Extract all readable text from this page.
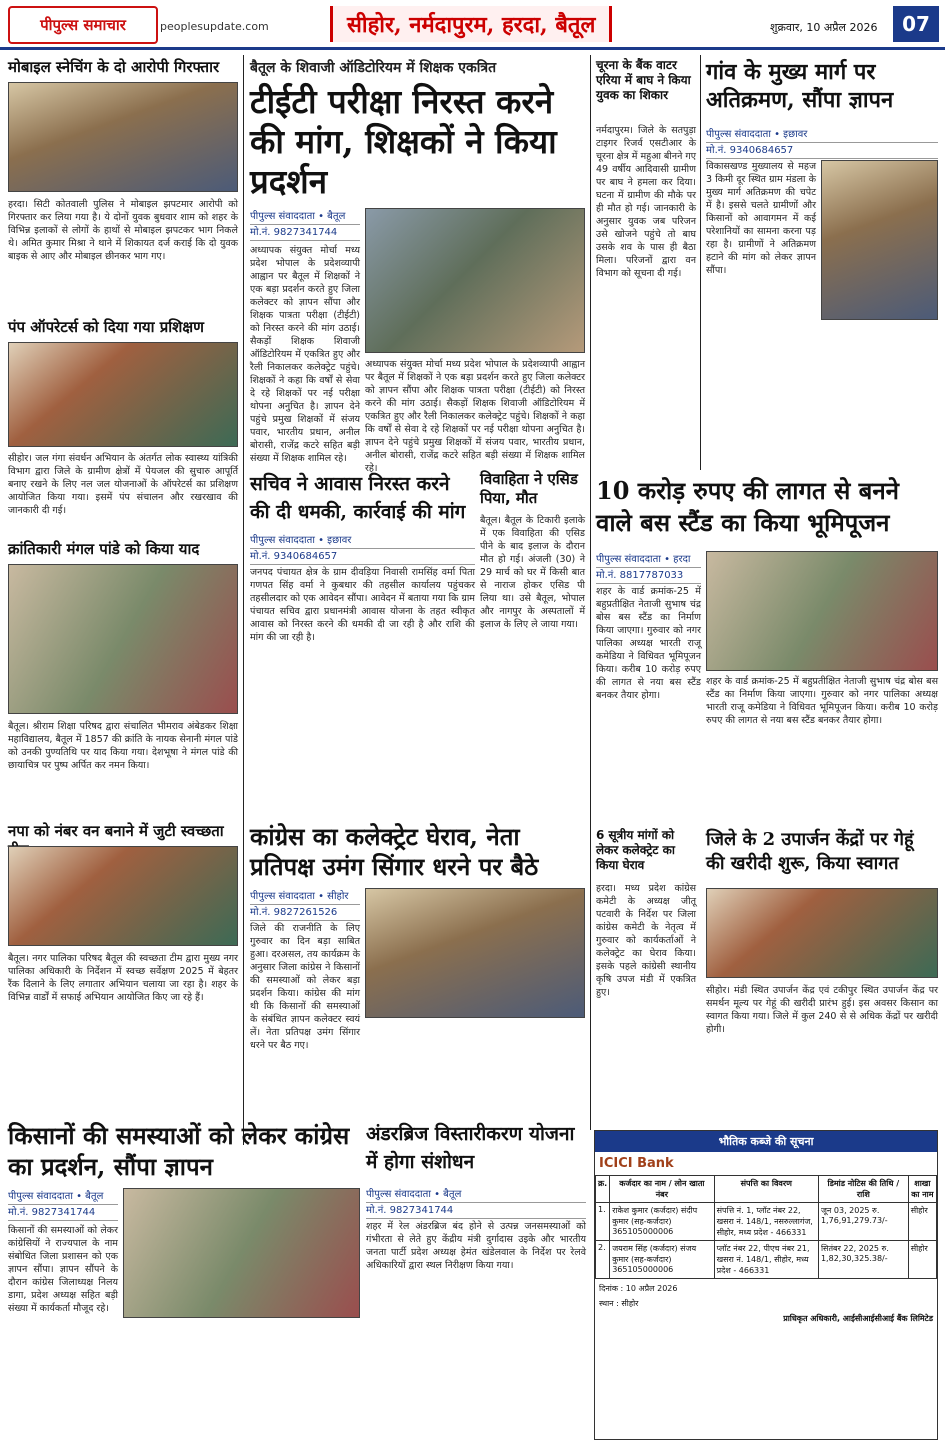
पीपुल्स समाचार	peoplesupdate.com	सीहोर, नर्मदापुरम, हरदा, बैतूल	शुक्रवार, 10 अप्रैल 2026	07
मोबाइल स्नेचिंग के दो आरोपी गिरफ्तार
हरदा। सिटी कोतवाली पुलिस ने मोबाइल झपटमार आरोपी को गिरफ्तार कर लिया गया है। ये दोनों युवक बुधवार शाम को शहर के विभिन्न इलाकों से लोगों के हाथों से मोबाइल झपटकर भाग निकले थे। अमित कुमार मिश्रा ने थाने में शिकायत दर्ज कराई कि दो युवक बाइक से आए और मोबाइल छीनकर भाग गए।
पंप ऑपरेटर्स को दिया गया प्रशिक्षण
सीहोर। जल गंगा संवर्धन अभियान के अंतर्गत लोक स्वास्थ्य यांत्रिकी विभाग द्वारा जिले के ग्रामीण क्षेत्रों में पेयजल की सुचारु आपूर्ति बनाए रखने के लिए नल जल योजनाओं के ऑपरेटर्स का प्रशिक्षण आयोजित किया गया। इसमें पंप संचालन और रखरखाव की जानकारी दी गई।
क्रांतिकारी मंगल पांडे को किया याद
बैतूल। श्रीराम शिक्षा परिषद द्वारा संचालित भीमराव अंबेडकर शिक्षा महाविद्यालय, बैतूल में 1857 की क्रांति के नायक सेनानी मंगल पांडे को उनकी पुण्यतिथि पर याद किया गया। देशभूषा ने मंगल पांडे की छायाचित्र पर पुष्प अर्पित कर नमन किया।
नपा को नंबर वन बनाने में जुटी स्वच्छता
बैतूल। नगर पालिका परिषद बैतूल की स्वच्छता टीम द्वारा मुख्य नगर पालिका अधिकारी के निर्देशन में स्वच्छ सर्वेक्षण 2025 में बेहतर रैंक दिलाने के लिए लगातार अभियान चलाया जा रहा है। शहर के विभिन्न वार्डों में सफाई अभियान आयोजित किए जा रहे हैं।
बैतूल के शिवाजी ऑडिटोरियम में शिक्षक एकत्रित
टीईटी परीक्षा निरस्त करने की मांग, शिक्षकों ने किया प्रदर्शन
पीपुल्स संवाददाता • बैतूल
मो.नं. 9827341744
अध्यापक संयुक्त मोर्चा मध्य प्रदेश भोपाल के प्रदेशव्यापी आह्वान पर बैतूल में शिक्षकों ने एक बड़ा प्रदर्शन करते हुए जिला कलेक्टर को ज्ञापन सौंपा और शिक्षक पात्रता परीक्षा (टीईटी) को निरस्त करने की मांग उठाई। सैकड़ों शिक्षक शिवाजी ऑडिटोरियम में एकत्रित हुए और रैली निकालकर कलेक्ट्रेट पहुंचे। शिक्षकों ने कहा कि वर्षों से सेवा दे रहे शिक्षकों पर नई परीक्षा थोपना अनुचित है। ज्ञापन देने पहुंचे प्रमुख शिक्षकों में संजय पवार, भारतीय प्रधान, अनील बोरासी, राजेंद्र कटरे सहित बड़ी संख्या में शिक्षक शामिल रहे।
अध्यापक संयुक्त मोर्चा मध्य प्रदेश भोपाल के प्रदेशव्यापी आह्वान पर बैतूल में शिक्षकों ने एक बड़ा प्रदर्शन करते हुए जिला कलेक्टर को ज्ञापन सौंपा और शिक्षक पात्रता परीक्षा (टीईटी) को निरस्त करने की मांग उठाई। सैकड़ों शिक्षक शिवाजी ऑडिटोरियम में एकत्रित हुए और रैली निकालकर कलेक्ट्रेट पहुंचे। शिक्षकों ने कहा कि वर्षों से सेवा दे रहे शिक्षकों पर नई परीक्षा थोपना अनुचित है। ज्ञापन देने पहुंचे प्रमुख शिक्षकों में संजय पवार, भारतीय प्रधान, अनील बोरासी, राजेंद्र कटरे सहित बड़ी संख्या में शिक्षक शामिल रहे।
चूरना के बैंक वाटर एरिया में बाघ ने किया युवक का शिकार
नर्मदापुरम। जिले के सतपुड़ा टाइगर रिजर्व एसटीआर के चूरना क्षेत्र में महुआ बीनने गए 49 वर्षीय आदिवासी ग्रामीण पर बाघ ने हमला कर दिया। घटना में ग्रामीण की मौके पर ही मौत हो गई। जानकारी के अनुसार युवक जब परिजन उसे खोजने पहुंचे तो बाघ उसके शव के पास ही बैठा मिला। परिजनों द्वारा वन विभाग को सूचना दी गई।
गांव के मुख्य मार्ग पर अतिक्रमण, सौंपा ज्ञापन
पीपुल्स संवाददाता • इछावर
मो.नं. 9340684657
विकासखण्ड मुख्यालय से महज 3 किमी दूर स्थित ग्राम मंडला के मुख्य मार्ग अतिक्रमण की चपेट में है। इससे चलते ग्रामीणों और किसानों को आवागमन में कई परेशानियों का सामना करना पड़ रहा है। ग्रामीणों ने अतिक्रमण हटाने की मांग को लेकर ज्ञापन सौंपा।
सचिव ने आवास निरस्त करने की दी धमकी, कार्रवाई की मांग
पीपुल्स संवाददाता • इछावर
मो.नं. 9340684657
जनपद पंचायत क्षेत्र के ग्राम दीवड़िया निवासी रामसिंह वर्मा पिता गणपत सिंह वर्मा ने कुबधार की तहसील कार्यालय पहुंचकर तहसीलदार को एक आवेदन सौंपा। आवेदन में बताया गया कि ग्राम पंचायत सचिव द्वारा प्रधानमंत्री आवास योजना के तहत स्वीकृत आवास को निरस्त करने की धमकी दी जा रही है और राशि की मांग की जा रही है।
विवाहिता ने एसिड पिया, मौत
बैतूल। बैतूल के टिकारी इलाके में एक विवाहिता की एसिड पीने के बाद इलाज के दौरान मौत हो गई। अंजली (30) ने 29 मार्च को घर में किसी बात से नाराज होकर एसिड पी लिया था। उसे बैतूल, भोपाल और नागपुर के अस्पतालों में इलाज के लिए ले जाया गया।
10 करोड़ रुपए की लागत से बनने वाले बस स्टैंड का किया भूमिपूजन
पीपुल्स संवाददाता • हरदा
मो.नं. 8817787033
शहर के वार्ड क्रमांक-25 में बहुप्रतीक्षित नेताजी सुभाष चंद्र बोस बस स्टैंड का निर्माण किया जाएगा। गुरुवार को नगर पालिका अध्यक्ष भारती राजू कमेडिया ने विधिवत भूमिपूजन किया। करीब 10 करोड़ रुपए की लागत से नया बस स्टैंड बनकर तैयार होगा।
शहर के वार्ड क्रमांक-25 में बहुप्रतीक्षित नेताजी सुभाष चंद्र बोस बस स्टैंड का निर्माण किया जाएगा। गुरुवार को नगर पालिका अध्यक्ष भारती राजू कमेडिया ने विधिवत भूमिपूजन किया। करीब 10 करोड़ रुपए की लागत से नया बस स्टैंड बनकर तैयार होगा।
कांग्रेस का कलेक्ट्रेट घेराव, नेता प्रतिपक्ष उमंग सिंगार धरने पर बैठे
पीपुल्स संवाददाता • सीहोर
मो.नं. 9827261526
जिले की राजनीति के लिए गुरुवार का दिन बड़ा साबित हुआ। दरअसल, तय कार्यक्रम के अनुसार जिला कांग्रेस ने किसानों की समस्याओं को लेकर बड़ा प्रदर्शन किया। कांग्रेस की मांग थी कि किसानों की समस्याओं के संबंधित ज्ञापन कलेक्टर स्वयं लें। नेता प्रतिपक्ष उमंग सिंगार धरने पर बैठ गए।
6 सूत्रीय मांगों को लेकर कलेक्ट्रेट का किया घेराव
हरदा। मध्य प्रदेश कांग्रेस कमेटी के अध्यक्ष जीतू पटवारी के निर्देश पर जिला कांग्रेस कमेटी के नेतृत्व में गुरुवार को कार्यकर्ताओं ने कलेक्ट्रेट का घेराव किया। इसके पहले कांग्रेसी स्थानीय कृषि उपज मंडी में एकत्रित हुए।
जिले के 2 उपार्जन केंद्रों पर गेहूं की खरीदी शुरू, किया स्वागत
सीहोर। मंडी स्थित उपार्जन केंद्र एवं टकीपुर स्थित उपार्जन केंद्र पर समर्थन मूल्य पर गेहूं की खरीदी प्रारंभ हुई। इस अवसर किसान का स्वागत किया गया। जिले में कुल 240 से से अधिक केंद्रों पर खरीदी होगी।
किसानों की समस्याओं को लेकर कांग्रेस का प्रदर्शन, सौंपा ज्ञापन
पीपुल्स संवाददाता • बैतूल
मो.नं. 9827341744
किसानों की समस्याओं को लेकर कांग्रेसियों ने राज्यपाल के नाम संबोधित जिला प्रशासन को एक ज्ञापन सौंपा। ज्ञापन सौंपने के दौरान कांग्रेस जिलाध्यक्ष निलय डागा, प्रदेश अध्यक्ष सहित बड़ी संख्या में कार्यकर्ता मौजूद रहे।
अंडरब्रिज विस्तारीकरण योजना में होगा संशोधन
पीपुल्स संवाददाता • बैतूल
मो.नं. 9827341744
शहर में रेल अंडरब्रिज बंद होने से उत्पन्न जनसमस्याओं को गंभीरता से लेते हुए केंद्रीय मंत्री दुर्गादास उइके और भारतीय जनता पार्टी प्रदेश अध्यक्ष हेमंत खंडेलवाल के निर्देश पर रेलवे अधिकारियों द्वारा स्थल निरीक्षण किया गया।
भौतिक कब्जे की सूचना
ICICI Bank
क्र.	कर्जदार का नाम / लोन खाता नंबर	संपत्ति का विवरण	डिमांड नोटिस की तिथि / राशि	शाखा का नाम
1.	राकेश कुमार (कर्जदार) संदीप कुमार (सह-कर्जदार) 365105000006	संपत्ति नं. 1, प्लॉट नंबर 22, खसरा नं. 148/1, नसरुल्लागंज, सीहोर, मध्य प्रदेश - 466331	जून 03, 2025 रु. 1,76,91,279.73/-	सीहोर
2.	जयराम सिंह (कर्जदार) संजय कुमार (सह-कर्जदार) 365105000006	प्लॉट नंबर 22, पीएच नंबर 21, खसरा नं. 148/1, सीहोर, मध्य प्रदेश - 466331	सितंबर 22, 2025 रु. 1,82,30,325.38/-	सीहोर
दिनांक : 10 अप्रैल 2026
स्थान : सीहोर
प्राधिकृत अधिकारी, आईसीआईसीआई बैंक लिमिटेड
